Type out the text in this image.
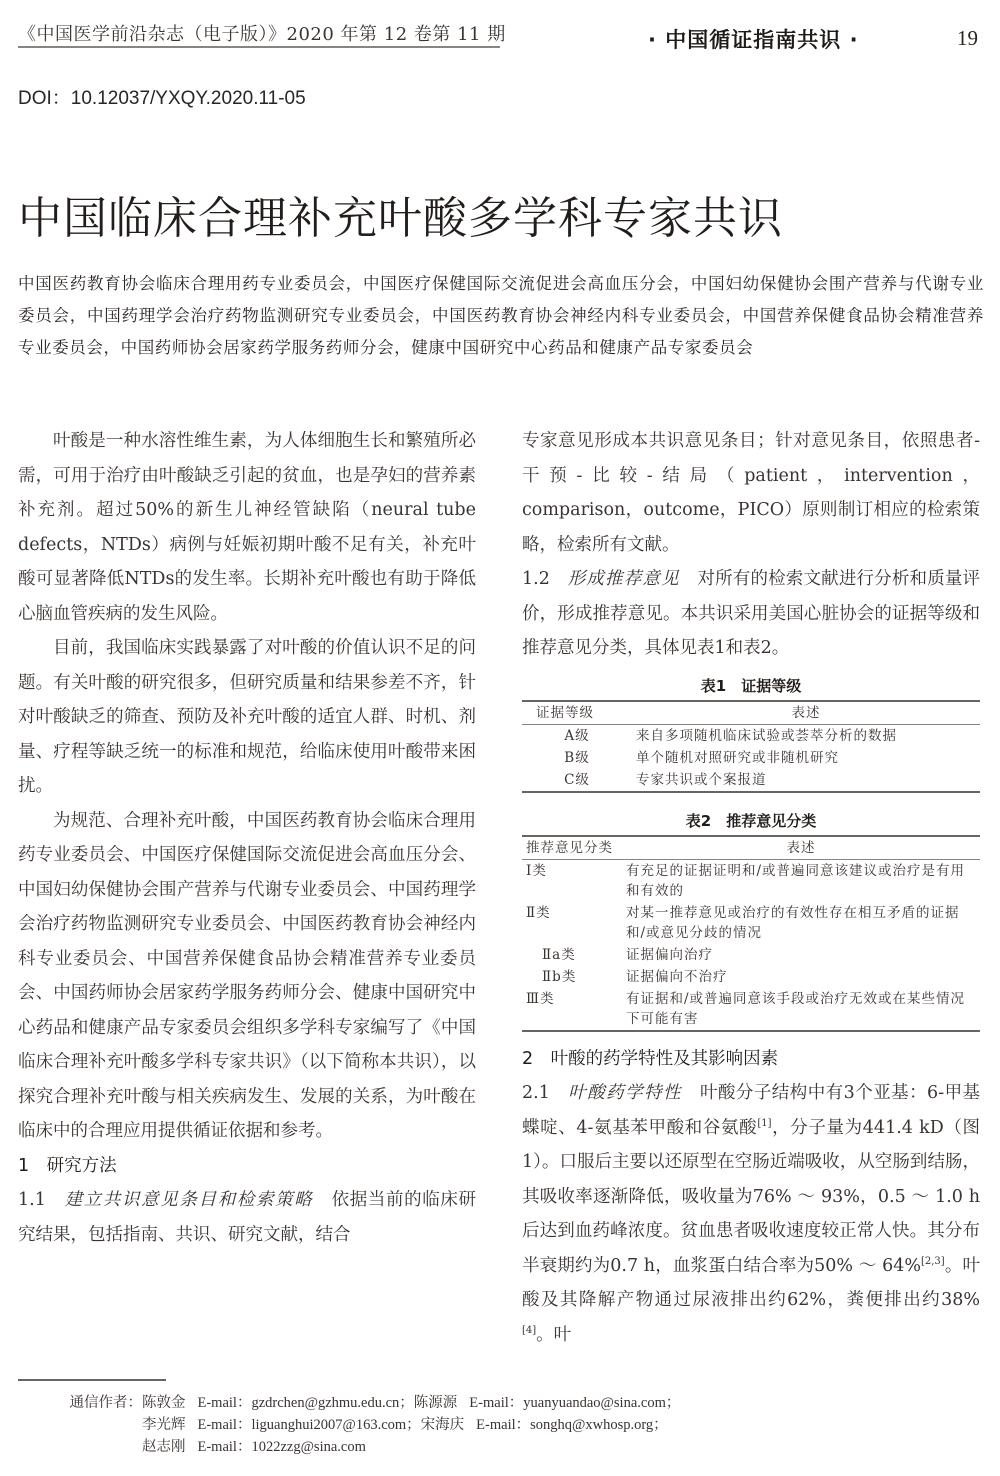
《中国医学前沿杂志（电子版）》2020 年第 12 卷第 11 期	· 中国循证指南共识 ·	19
DOI：10.12037/YXQY.2020.11-05
中国临床合理补充叶酸多学科专家共识

中国医药教育协会临床合理用药专业委员会，中国医疗保健国际交流促进会高血压分会，中国妇幼保健协会围产营养与代谢专业委员会，中国药理学会治疗药物监测研究专业委员会，中国医药教育协会神经内科专业委员会，中国营养保健食品协会精准营养专业委员会，中国药师协会居家药学服务药师分会，健康中国研究中心药品和健康产品专家委员会

叶酸是一种水溶性维生素，为人体细胞生长和繁殖所必需，可用于治疗由叶酸缺乏引起的贫血，也是孕妇的营养素补充剂。超过50%的新生儿神经管缺陷（neural tube defects，NTDs）病例与妊娠初期叶酸不足有关，补充叶酸可显著降低NTDs的发生率。长期补充叶酸也有助于降低心脑血管疾病的发生风险。

目前，我国临床实践暴露了对叶酸的价值认识不足的问题。有关叶酸的研究很多，但研究质量和结果参差不齐，针对叶酸缺乏的筛查、预防及补充叶酸的适宜人群、时机、剂量、疗程等缺乏统一的标准和规范，给临床使用叶酸带来困扰。

为规范、合理补充叶酸，中国医药教育协会临床合理用药专业委员会、中国医疗保健国际交流促进会高血压分会、中国妇幼保健协会围产营养与代谢专业委员会、中国药理学会治疗药物监测研究专业委员会、中国医药教育协会神经内科专业委员会、中国营养保健食品协会精准营养专业委员会、中国药师协会居家药学服务药师分会、健康中国研究中心药品和健康产品专家委员会组织多学科专家编写了《中国临床合理补充叶酸多学科专家共识》（以下简称本共识），以探究合理补充叶酸与相关疾病发生、发展的关系，为叶酸在临床中的合理应用提供循证依据和参考。

1　研究方法

1.1　 建立共识意见条目和检索策略　 依据当前的临床研究结果，包括指南、共识、研究文献，结合

专家意见形成本共识意见条目；针对意见条目，依照患者-干预-比较-结局（patient，intervention，comparison，outcome，PICO）原则制订相应的检索策略，检索所有文献。

1.2　 形成推荐意见　 对所有的检索文献进行分析和质量评价，形成推荐意见。本共识采用美国心脏协会的证据等级和推荐意见分类，具体见表1和表2。

表1　证据等级
证据等级	表述
A级	来自多项随机临床试验或荟萃分析的数据
B级	单个随机对照研究或非随机研究
C级	专家共识或个案报道
表2　推荐意见分类
推荐意见分类	表述
Ⅰ类	有充足的证据证明和/或普遍同意该建议或治疗是有用和有效的
Ⅱ类	对某一推荐意见或治疗的有效性存在相互矛盾的证据和/或意见分歧的情况
Ⅱa类	证据偏向治疗
Ⅱb类	证据偏向不治疗
Ⅲ类	有证据和/或普遍同意该手段或治疗无效或在某些情况下可能有害

2　叶酸的药学特性及其影响因素

2.1　 叶酸药学特性　 叶酸分子结构中有3个亚基：6-甲基蝶啶、4-氨基苯甲酸和谷氨酸[1]，分子量为441.4 kD（图1）。口服后主要以还原型在空肠近端吸收，从空肠到结肠，其吸收率逐渐降低，吸收量为76% ～ 93%，0.5 ～ 1.0 h后达到血药峰浓度。贫血患者吸收速度较正常人快。其分布半衰期约为0.7 h，血浆蛋白结合率为50% ～ 64%[2,3]。叶酸及其降解产物通过尿液排出约62%，粪便排出约38%[4]。叶

通信作者： 陈敦金 E-mail：gzdrchen@gzhmu.edu.cn； 陈源源 E-mail：yuanyuandao@sina.com；
李光辉 E-mail：liguanghui2007@163.com； 宋海庆 E-mail：songhq@xwhosp.org；
赵志刚 E-mail：1022zzg@sina.com
